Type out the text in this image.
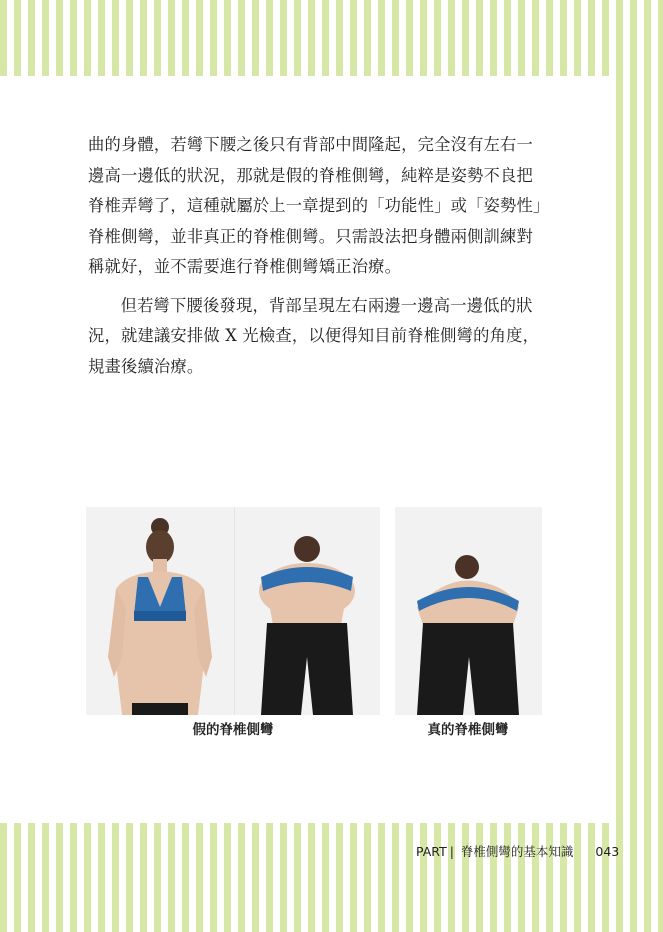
曲的身體，若彎下腰之後只有背部中間隆起，完全沒有左右一邊高一邊低的狀況，那就是假的脊椎側彎，純粹是姿勢不良把脊椎弄彎了，這種就屬於上一章提到的「功能性」或「姿勢性」脊椎側彎，並非真正的脊椎側彎。只需設法把身體兩側訓練對稱就好，並不需要進行脊椎側彎矯正治療。

但若彎下腰後發現，背部呈現左右兩邊一邊高一邊低的狀況，就建議安排做 X 光檢查，以便得知目前脊椎側彎的角度，規畫後續治療。

假的脊椎側彎	真的脊椎側彎
PART | 脊椎側彎的基本知識 043
